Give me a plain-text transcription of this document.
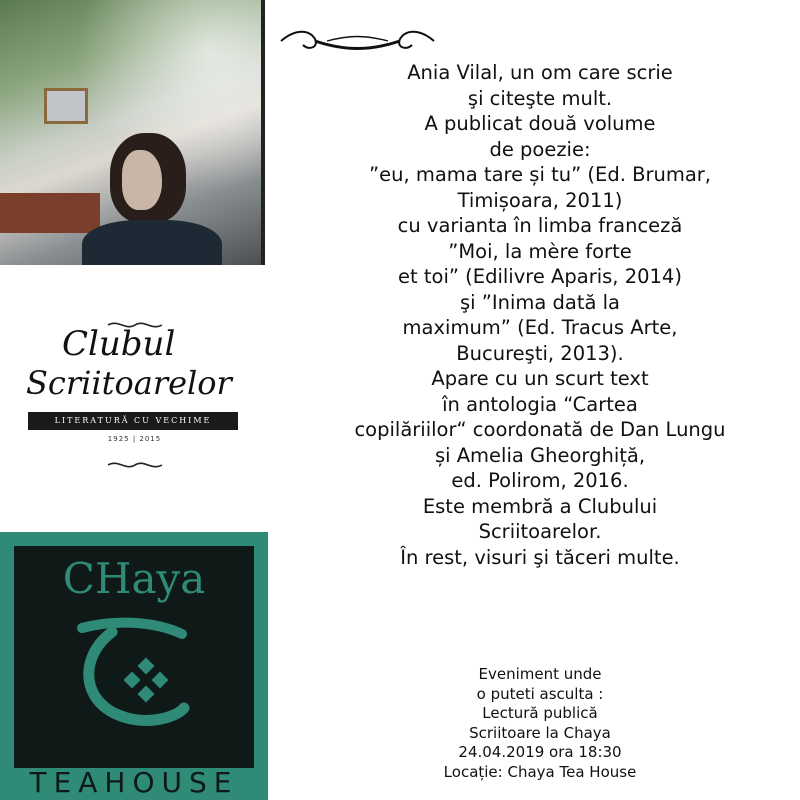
Clubul
Scriitoarelor
LITERATURĂ CU VECHIME
1925 | 2015
CHaya
TEAHOUSE
Ania Vilal, un om care scrie
şi citeşte mult.
A publicat două volume
de poezie:
”eu, mama tare și tu” (Ed. Brumar,
Timișoara, 2011)
cu varianta în limba franceză
”Moi, la mère forte
et toi” (Edilivre Aparis, 2014)
şi ”Inima dată la
maximum” (Ed. Tracus Arte,
Bucureşti, 2013).
Apare cu un scurt text
în antologia “Cartea
copilăriilor“ coordonată de Dan Lungu
și Amelia Gheorghiță,
ed. Polirom, 2016.
Este membră a Clubului
Scriitoarelor.
În rest, visuri şi tăceri multe.
Eveniment unde
o puteti asculta :
Lectură publică
Scriitoare la Chaya
24.04.2019 ora 18:30
Locație: Chaya Tea House
